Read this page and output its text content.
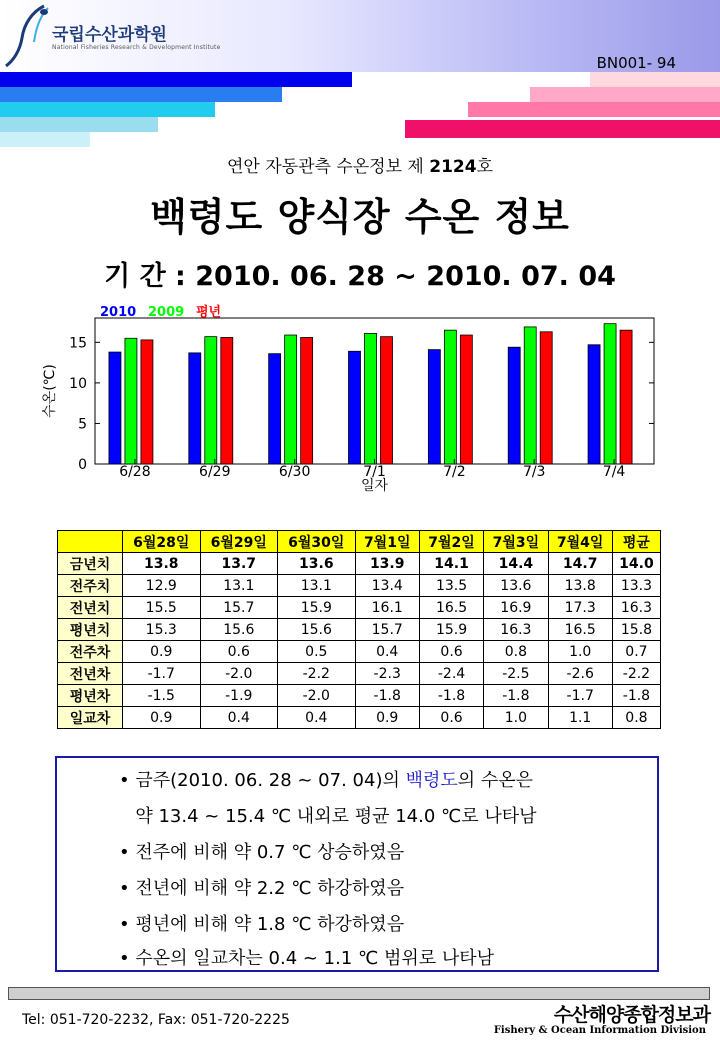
국립수산과학원
National Fisheries Research & Development Institute
BN001- 94
연안 자동관측 수온정보 제 2124호
백령도 양식장 수온 정보
기 간 : 2010. 06. 28 ~ 2010. 07. 04
0
5
10
15
6/28	6/29	6/30	7/1	7/2	7/3	7/4
2010 2009 평년
수온(℃)
일자
	6월28일	6월29일	6월30일	7월1일	7월2일	7월3일	7월4일	평균
금년치	13.8	13.7	13.6	13.9	14.1	14.4	14.7	14.0
전주치	12.9	13.1	13.1	13.4	13.5	13.6	13.8	13.3
전년치	15.5	15.7	15.9	16.1	16.5	16.9	17.3	16.3
평년치	15.3	15.6	15.6	15.7	15.9	16.3	16.5	15.8
전주차	0.9	0.6	0.5	0.4	0.6	0.8	1.0	0.7
전년차	-1.7	-2.0	-2.2	-2.3	-2.4	-2.5	-2.6	-2.2
평년차	-1.5	-1.9	-2.0	-1.8	-1.8	-1.8	-1.7	-1.8
일교차	0.9	0.4	0.4	0.9	0.6	1.0	1.1	0.8
• 금주(2010. 06. 28 ~ 07. 04)의 백령도의 수온은
약 13.4 ~ 15.4 ℃ 내외로 평균 14.0 ℃로 나타남
• 전주에 비해 약 0.7 ℃ 상승하였음
• 전년에 비해 약 2.2 ℃ 하강하였음
• 평년에 비해 약 1.8 ℃ 하강하였음
• 수온의 일교차는 0.4 ~ 1.1 ℃ 범위로 나타남
Tel: 051-720-2232, Fax: 051-720-2225	수산해양종합정보과
Fishery & Ocean Information Division
